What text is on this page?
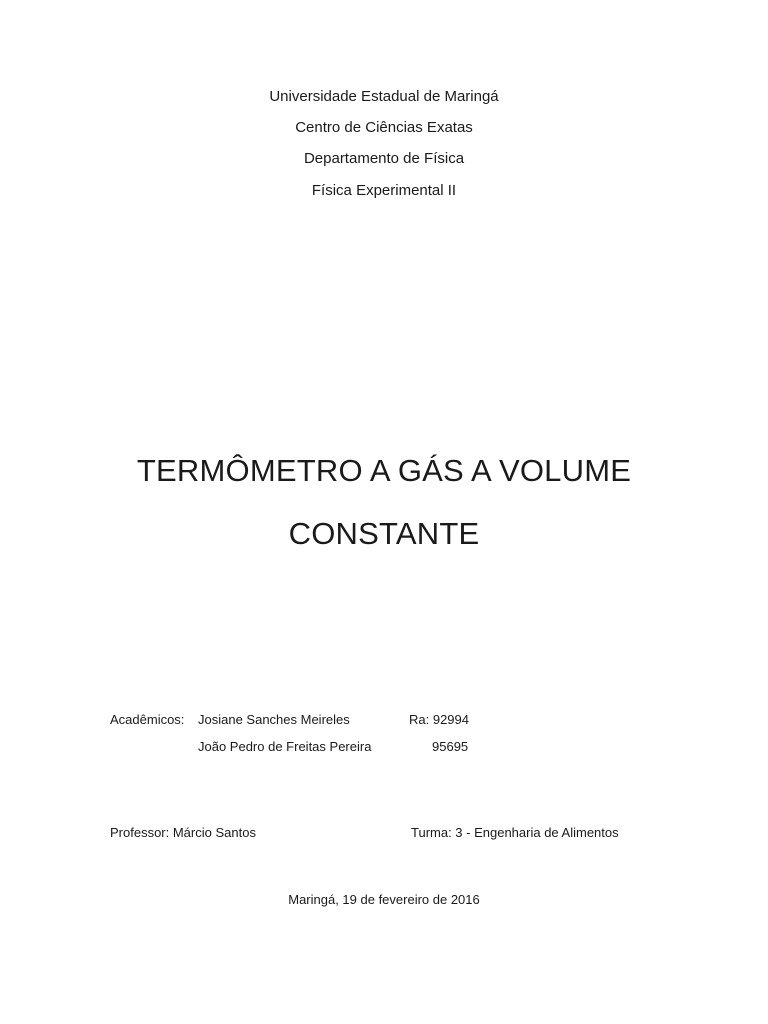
Universidade Estadual de Maringá
Centro de Ciências Exatas
Departamento de Física
Física Experimental II
TERMÔMETRO A GÁS A VOLUME
CONSTANTE
Acadêmicos: Josiane Sanches Meireles	Ra: 92994
João Pedro de Freitas Pereira	95695
Professor: Márcio Santos	Turma: 3 - Engenharia de Alimentos
Maringá, 19 de fevereiro de 2016
